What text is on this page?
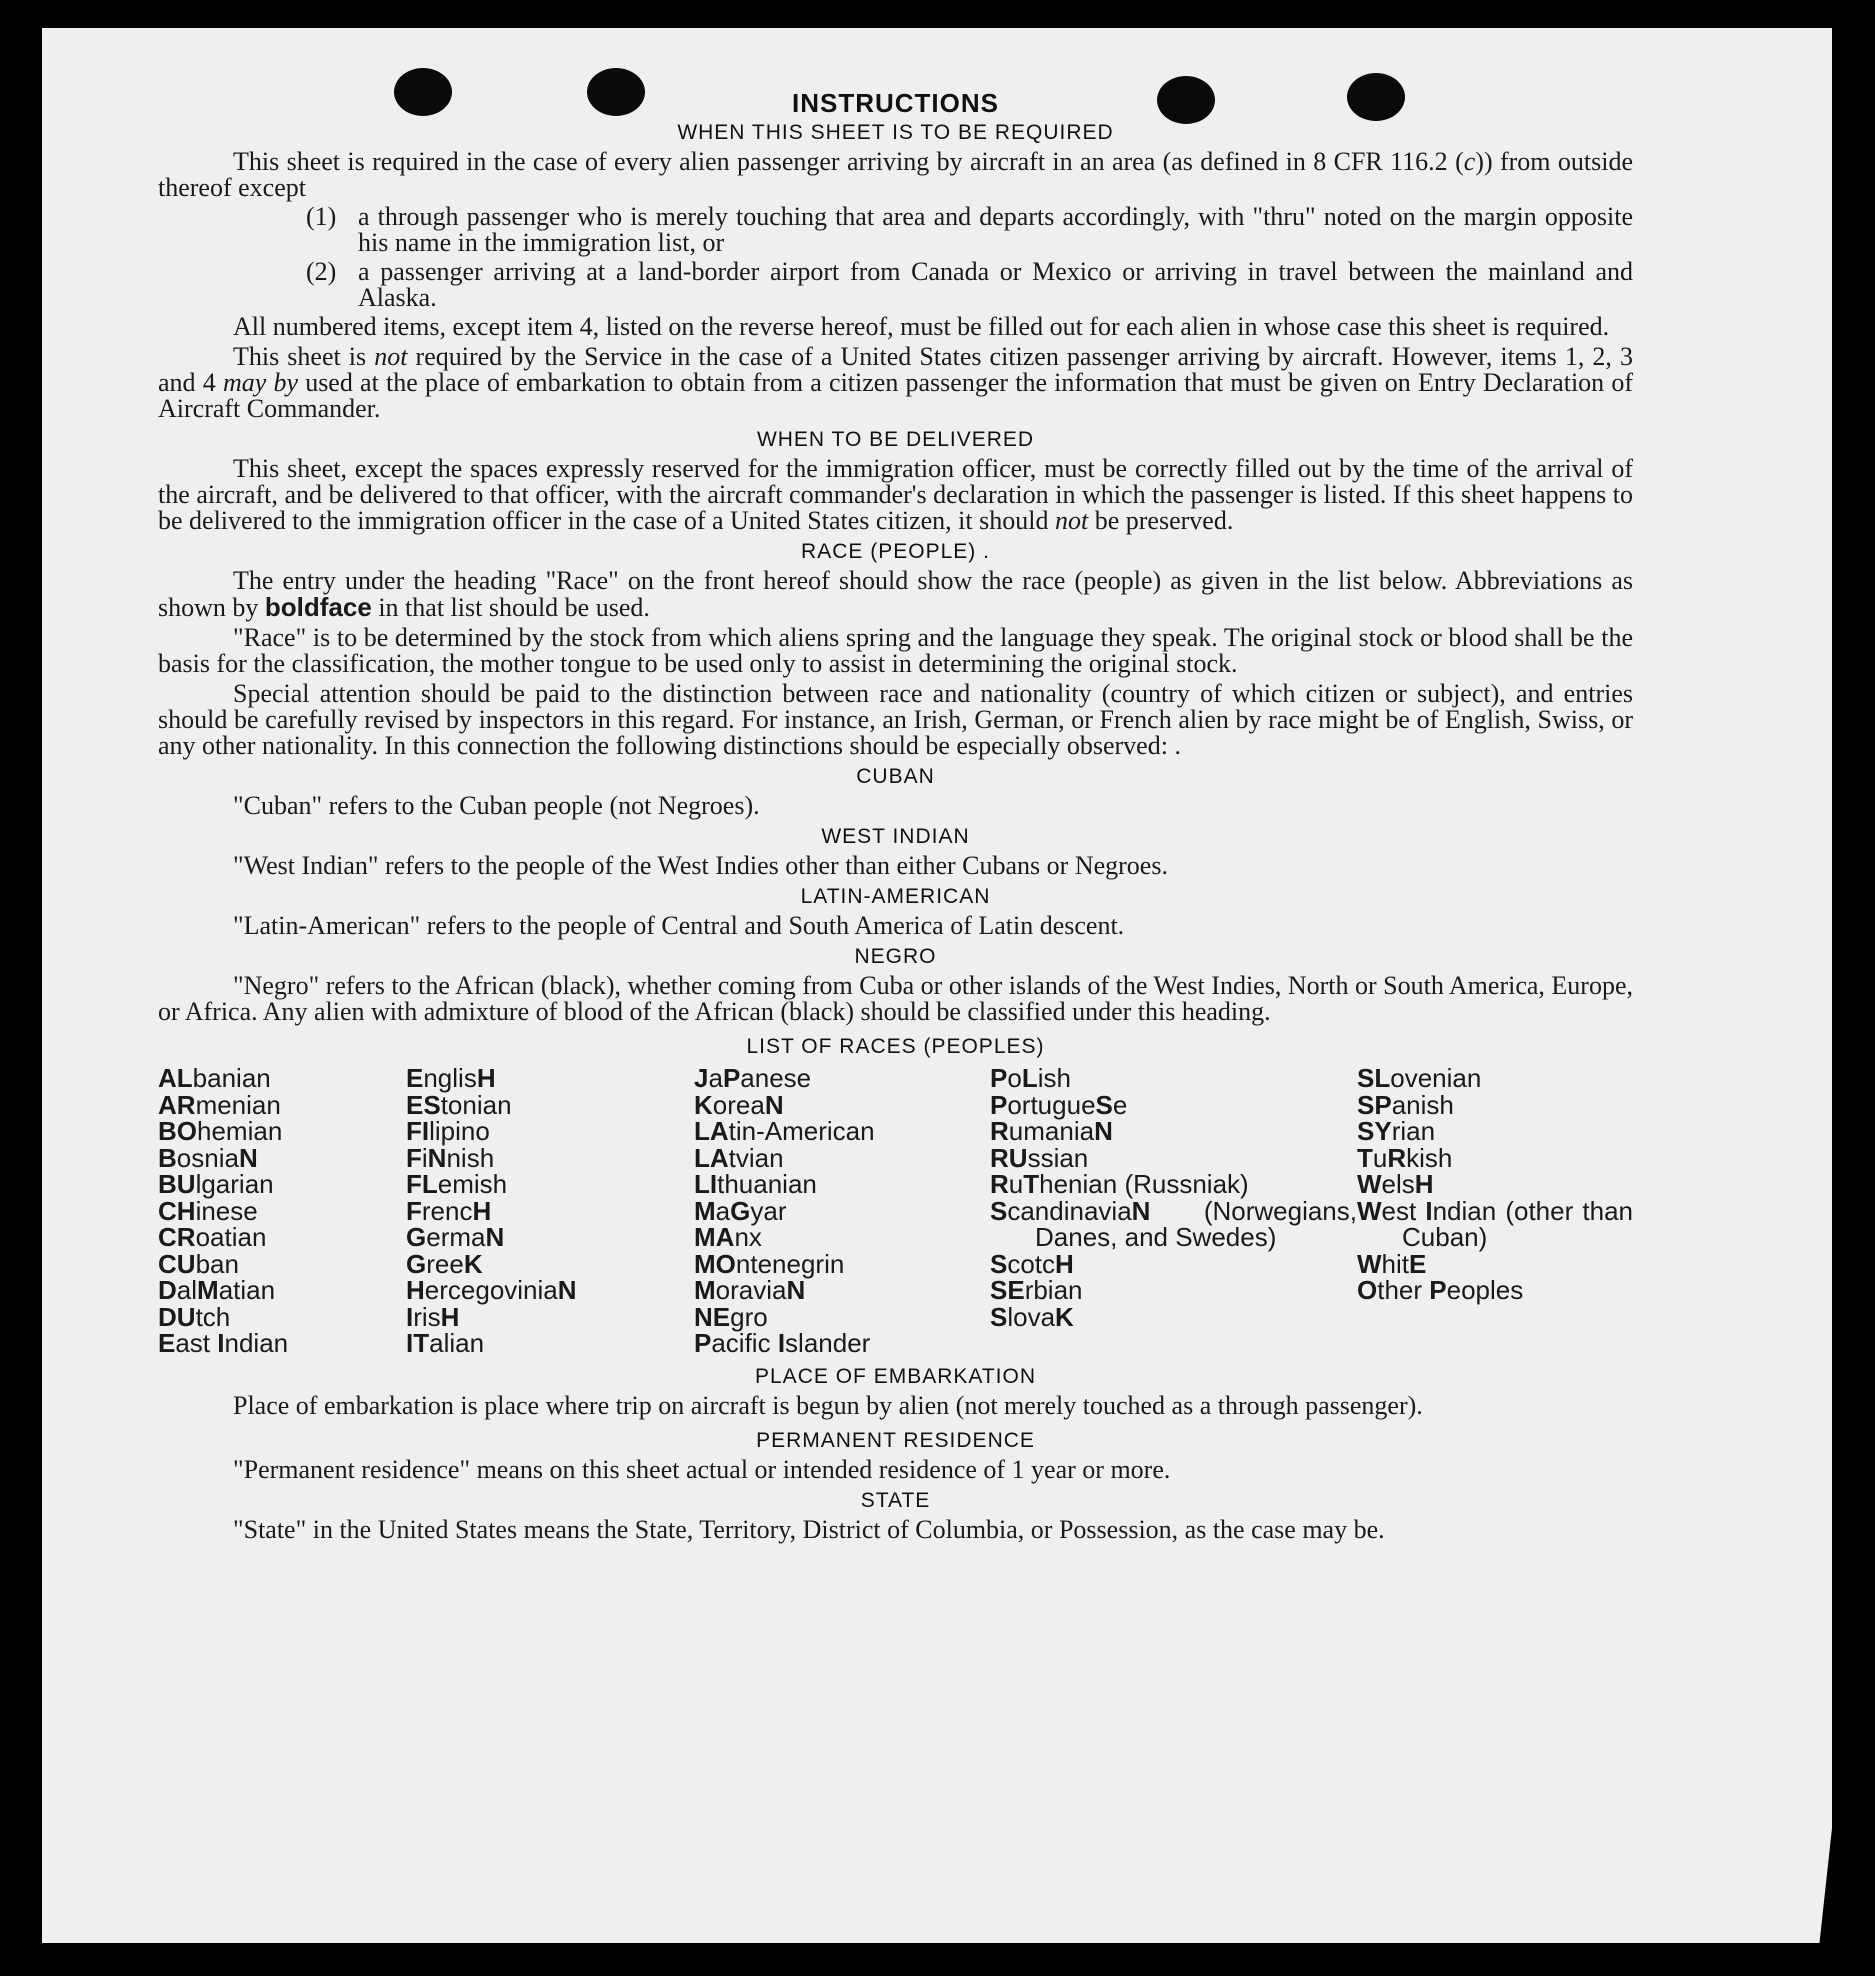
INSTRUCTIONS
WHEN THIS SHEET IS TO BE REQUIRED

This sheet is required in the case of every alien passenger arriving by aircraft in an area (as defined in 8 CFR 116.2 (c)) from outside thereof except

(1) a through passenger who is merely touching that area and departs accordingly, with "thru" noted on the margin opposite his name in the immigration list, or
(2) a passenger arriving at a land-border airport from Canada or Mexico or arriving in travel between the mainland and Alaska.

All numbered items, except item 4, listed on the reverse hereof, must be filled out for each alien in whose case this sheet is required.

This sheet is not required by the Service in the case of a United States citizen passenger arriving by aircraft. However, items 1, 2, 3 and 4 may by used at the place of embarkation to obtain from a citizen passenger the information that must be given on Entry Declaration of Aircraft Commander.

WHEN TO BE DELIVERED

This sheet, except the spaces expressly reserved for the immigration officer, must be correctly filled out by the time of the arrival of the aircraft, and be delivered to that officer, with the aircraft commander's declaration in which the passenger is listed. If this sheet happens to be delivered to the immigration officer in the case of a United States citizen, it should not be preserved.

RACE (PEOPLE) .

The entry under the heading "Race" on the front hereof should show the race (people) as given in the list below. Abbreviations as shown by boldface in that list should be used.

"Race" is to be determined by the stock from which aliens spring and the language they speak. The original stock or blood shall be the basis for the classification, the mother tongue to be used only to assist in determining the original stock.

Special attention should be paid to the distinction between race and nationality (country of which citizen or subject), and entries should be carefully revised by inspectors in this regard. For instance, an Irish, German, or French alien by race might be of English, Swiss, or any other nationality. In this connection the following distinctions should be especially observed: .

CUBAN

"Cuban" refers to the Cuban people (not Negroes).

WEST INDIAN

"West Indian" refers to the people of the West Indies other than either Cubans or Negroes.

LATIN-AMERICAN

"Latin-American" refers to the people of Central and South America of Latin descent.

NEGRO

"Negro" refers to the African (black), whether coming from Cuba or other islands of the West Indies, North or South America, Europe, or Africa. Any alien with admixture of blood of the African (black) should be classified under this heading.

LIST OF RACES (PEOPLES)
ALbanian
ARmenian
BOhemian
BosniaN
BUlgarian
CHinese
CRoatian
CUban
DalMatian
DUtch
East Indian
EnglisH
EStonian
FIlipino
FiNnish
FLemish
FrencH
GermaN
GreeK
HercegoviniaN
IrisH
ITalian
JaPanese
KoreaN
LAtin-American
LAtvian
LIthuanian
MaGyar
MAnx
MOntenegrin
MoraviaN
NEgro
Pacific Islander
PoLish
PortugueSe
RumaniaN
RUssian
RuThenian (Russniak)
ScandinaviaN (Norwegians, Danes, and Swedes)
ScotcH
SErbian
SlovaK
SLovenian
SPanish
SYrian
TuRkish
WelsH
West Indian (other than Cuban)
WhitE
Other Peoples
PLACE OF EMBARKATION

Place of embarkation is place where trip on aircraft is begun by alien (not merely touched as a through passenger).

PERMANENT RESIDENCE

"Permanent residence" means on this sheet actual or intended residence of 1 year or more.

STATE

"State" in the United States means the State, Territory, District of Columbia, or Possession, as the case may be.
